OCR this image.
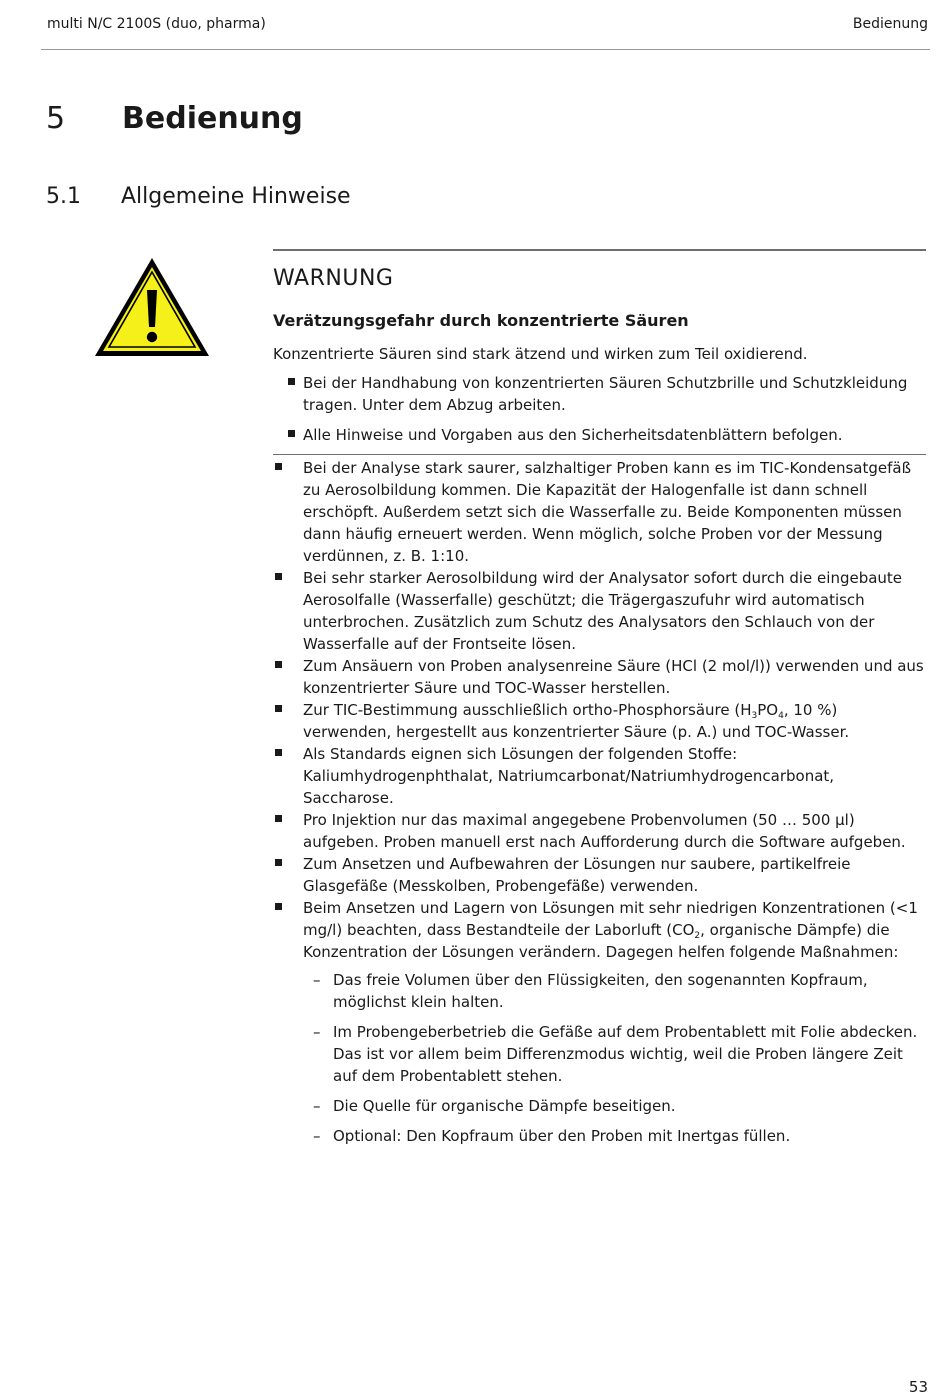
multi N/C 2100S (duo, pharma)	Bedienung
5 Bedienung
5.1 Allgemeine Hinweise
WARNUNG
Verätzungsgefahr durch konzentrierte Säuren
Konzentrierte Säuren sind stark ätzend und wirken zum Teil oxidierend.
Bei der Handhabung von konzentrierten Säuren Schutzbrille und Schutzkleidung tragen. Unter dem Abzug arbeiten.
Alle Hinweise und Vorgaben aus den Sicherheitsdatenblättern befolgen.
Bei der Analyse stark saurer, salzhaltiger Proben kann es im TIC-Kondensatgefäß zu Aerosolbildung kommen. Die Kapazität der Halogenfalle ist dann schnell erschöpft. Außerdem setzt sich die Wasserfalle zu. Beide Komponenten müssen dann häufig erneuert werden. Wenn möglich, solche Proben vor der Messung verdünnen, z. B. 1:10.
Bei sehr starker Aerosolbildung wird der Analysator sofort durch die eingebaute Aerosolfalle (Wasserfalle) geschützt; die Trägergaszufuhr wird automatisch unterbrochen. Zusätzlich zum Schutz des Analysators den Schlauch von der Wasserfalle auf der Frontseite lösen.
Zum Ansäuern von Proben analysenreine Säure (HCl (2 mol/l)) verwenden und aus konzentrierter Säure und TOC-Wasser herstellen.
Zur TIC-Bestimmung ausschließlich ortho-Phosphorsäure ($H_3PO_4$, 10 %) verwenden, hergestellt aus konzentrierter Säure (p. A.) und TOC-Wasser.
Als Standards eignen sich Lösungen der folgenden Stoffe: Kaliumhydrogenphthalat, Natriumcarbonat/Natriumhydrogencarbonat, Saccharose.
Pro Injektion nur das maximal angegebene Probenvolumen (50 … 500 µl) aufgeben. Proben manuell erst nach Aufforderung durch die Software aufgeben.
Zum Ansetzen und Aufbewahren der Lösungen nur saubere, partikelfreie Glasgefäße (Messkolben, Probengefäße) verwenden.
Beim Ansetzen und Lagern von Lösungen mit sehr niedrigen Konzentrationen (<1 mg/l) beachten, dass Bestandteile der Laborluft ($CO_2$, organische Dämpfe) die Konzentration der Lösungen verändern. Dagegen helfen folgende Maßnahmen:
– Das freie Volumen über den Flüssigkeiten, den sogenannten Kopfraum, möglichst klein halten.
– Im Probengeberbetrieb die Gefäße auf dem Probentablett mit Folie abdecken. Das ist vor allem beim Differenzmodus wichtig, weil die Proben längere Zeit auf dem Probentablett stehen.
– Die Quelle für organische Dämpfe beseitigen.
– Optional: Den Kopfraum über den Proben mit Inertgas füllen.
53
